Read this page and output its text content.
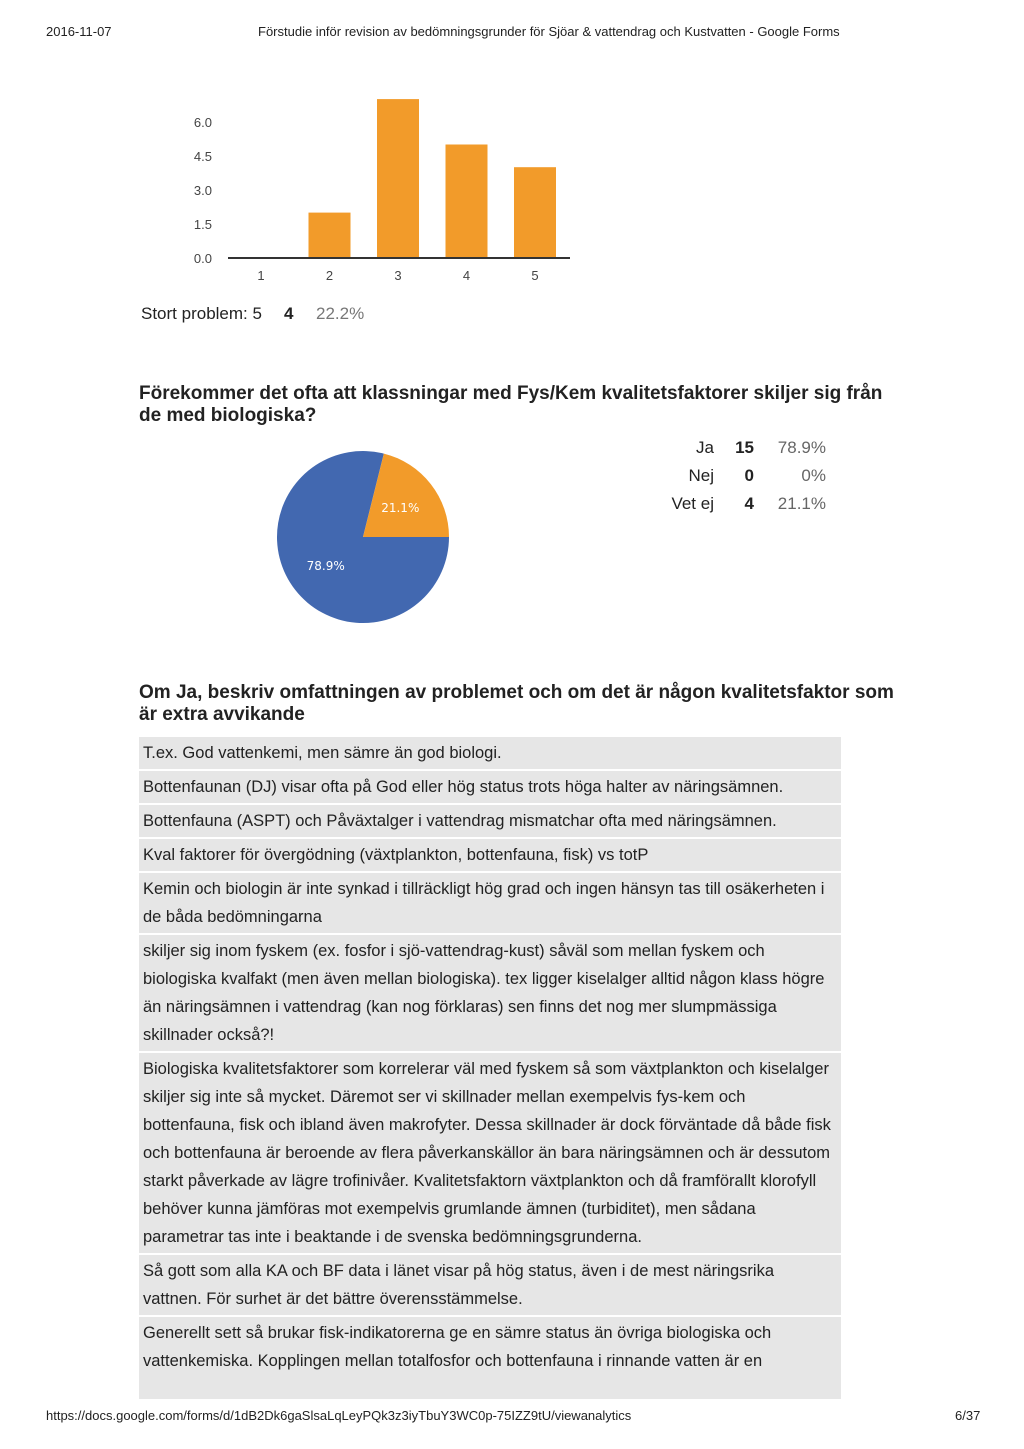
2016-11-07	Förstudie inför revision av bedömningsgrunder för Sjöar & vattendrag och Kustvatten - Google Forms
0.0
1.5
3.0
4.5
6.0
1	2	3	4	5
Stort problem: 5 4 22.2%
Förekommer det ofta att klassningar med Fys/Kem kvalitetsfaktorer skiljer sig från de med biologiska?
78.9%
21.1%
Ja 15 78.9%
Nej 0	0%
Vet ej 4 21.1%
Om Ja, beskriv omfattningen av problemet och om det är någon kvalitetsfaktor som är extra avvikande
T.ex. God vattenkemi, men sämre än god biologi.
Bottenfaunan (DJ) visar ofta på God eller hög status trots höga halter av näringsämnen.
Bottenfauna (ASPT) och Påväxtalger i vattendrag mismatchar ofta med näringsämnen.
Kval faktorer för övergödning (växtplankton, bottenfauna, fisk) vs totP
Kemin och biologin är inte synkad i tillräckligt hög grad och ingen hänsyn tas till osäkerheten i de båda bedömningarna
skiljer sig inom fyskem (ex. fosfor i sjö-vattendrag-kust) såväl som mellan fyskem och biologiska kvalfakt (men även mellan biologiska). tex ligger kiselalger alltid någon klass högre än näringsämnen i vattendrag (kan nog förklaras) sen finns det nog mer slumpmässiga skillnader också?!
Biologiska kvalitetsfaktorer som korrelerar väl med fyskem så som växtplankton och kiselalger skiljer sig inte så mycket. Däremot ser vi skillnader mellan exempelvis fys-kem och bottenfauna, fisk och ibland även makrofyter. Dessa skillnader är dock förväntade då både fisk och bottenfauna är beroende av flera påverkanskällor än bara näringsämnen och är dessutom starkt påverkade av lägre trofinivåer. Kvalitetsfaktorn växtplankton och då framförallt klorofyll behöver kunna jämföras mot exempelvis grumlande ämnen (turbiditet), men sådana parametrar tas inte i beaktande i de svenska bedömningsgrunderna.
Så gott som alla KA och BF data i länet visar på hög status, även i de mest näringsrika vattnen. För surhet är det bättre överensstämmelse.
Generellt sett så brukar fisk-indikatorerna ge en sämre status än övriga biologiska och vattenkemiska. Kopplingen mellan totalfosfor och bottenfauna i rinnande vatten är en
https://docs.google.com/forms/d/1dB2Dk6gaSlsaLqLeyPQk3z3iyTbuY3WC0p-75IZZ9tU/viewanalytics	6/37
